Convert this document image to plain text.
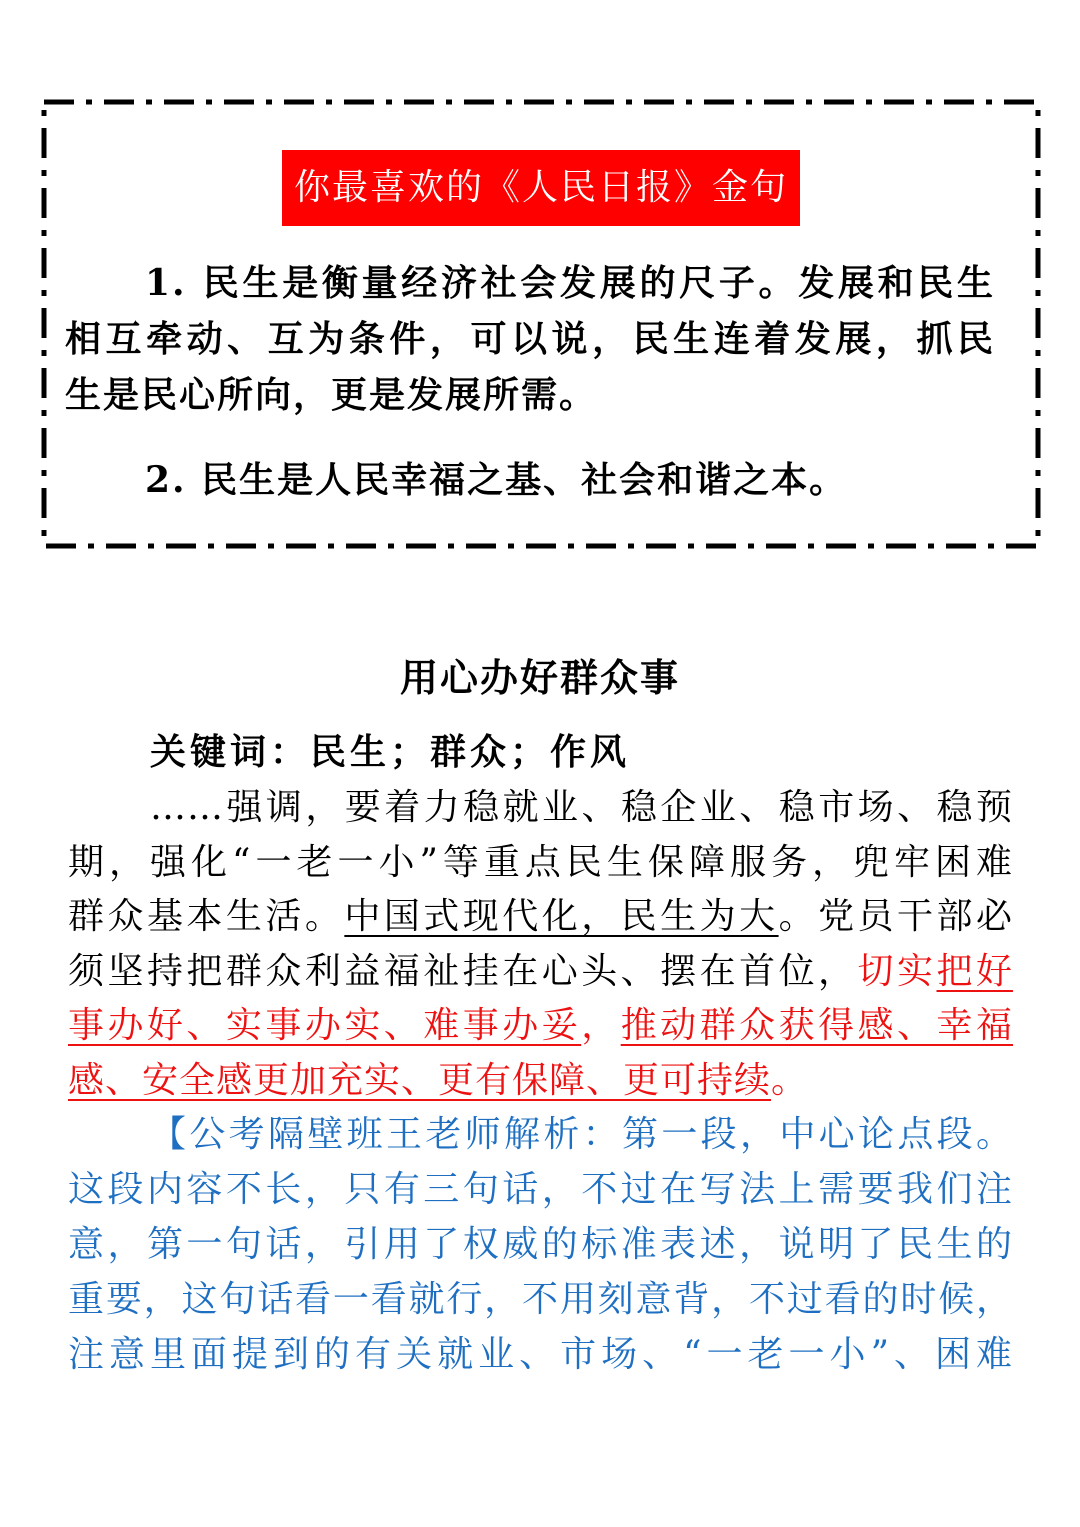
你最喜欢的《人民日报》金句
1. 民生是衡量经济社会发展的尺子。发展和民生
相互牵动、互为条件，可以说，民生连着发展，抓民
生是民心所向，更是发展所需。
2. 民生是人民幸福之基、社会和谐之本。
用心办好群众事
关键词：民生；群众；作风
……强调，要着力稳就业、稳企业、稳市场、稳预
期，强化“一老一小”等重点民生保障服务，兜牢困难
群众基本生活。中国式现代化，民生为大。党员干部必
须坚持把群众利益福祉挂在心头、摆在首位，切实把好
事办好、实事办实、难事办妥，推动群众获得感、幸福
感、安全感更加充实、更有保障、更可持续。
【公考隔壁班王老师解析：第一段，中心论点段。
这段内容不长，只有三句话，不过在写法上需要我们注
意，第一句话，引用了权威的标准表述，说明了民生的
重要，这句话看一看就行，不用刻意背，不过看的时候，
注意里面提到的有关就业、市场、“一老一小”、困难
